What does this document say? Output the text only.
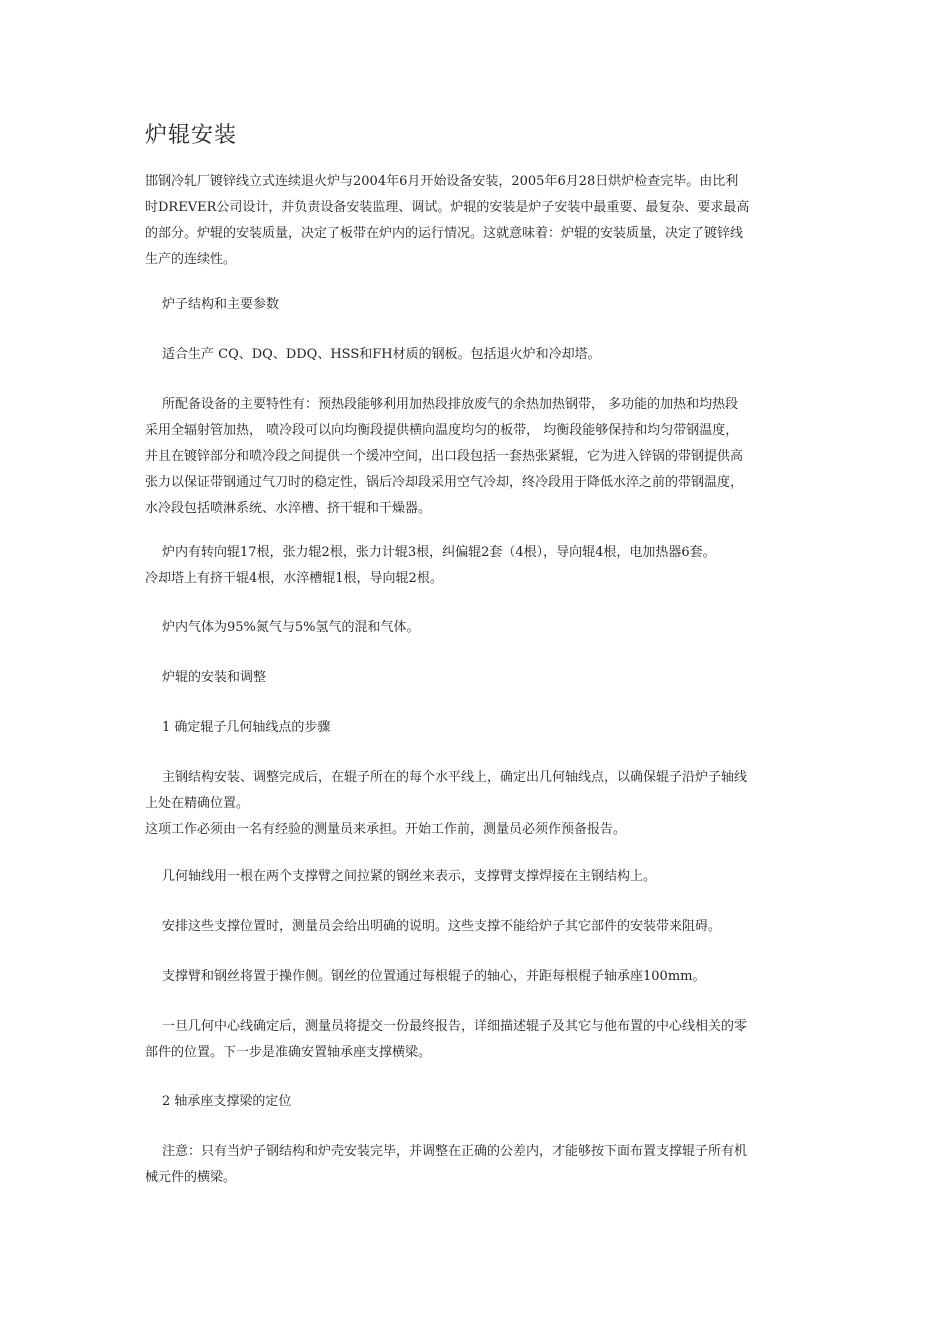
炉辊安装
邯钢冷轧厂镀锌线立式连续退火炉与2004年6月开始设备安装，2005年6月28日烘炉检查完毕。由比利
时DREVER公司设计，并负责设备安装监理、调试。炉辊的安装是炉子安装中最重要、最复杂、要求最高
的部分。炉辊的安装质量，决定了板带在炉内的运行情况。这就意味着：炉辊的安装质量，决定了镀锌线
生产的连续性。
炉子结构和主要参数
适合生产 CQ、DQ、DDQ、HSS和FH材质的钢板。包括退火炉和冷却塔。
所配备设备的主要特性有：预热段能够利用加热段排放废气的余热加热钢带， 多功能的加热和均热段
采用全辐射管加热， 喷冷段可以向均衡段提供横向温度均匀的板带， 均衡段能够保持和均匀带钢温度，
并且在镀锌部分和喷冷段之间提供一个缓冲空间，出口段包括一套热张紧辊，它为进入锌锅的带钢提供高
张力以保证带钢通过气刀时的稳定性，锅后冷却段采用空气冷却，终冷段用于降低水淬之前的带钢温度，
水冷段包括喷淋系统、水淬槽、挤干辊和干燥器。
炉内有转向辊17根，张力辊2根，张力计辊3根，纠偏辊2套（4根），导向辊4根，电加热器6套。
冷却塔上有挤干辊4根，水淬槽辊1根，导向辊2根。
炉内气体为95%氮气与5%氢气的混和气体。
炉辊的安装和调整
1 确定辊子几何轴线点的步骤
主钢结构安装、调整完成后，在辊子所在的每个水平线上，确定出几何轴线点，以确保辊子沿炉子轴线
上处在精确位置。
这项工作必须由一名有经验的测量员来承担。开始工作前，测量员必须作预备报告。
几何轴线用一根在两个支撑臂之间拉紧的钢丝来表示，支撑臂支撑焊接在主钢结构上。
安排这些支撑位置时，测量员会给出明确的说明。这些支撑不能给炉子其它部件的安装带来阻碍。
支撑臂和钢丝将置于操作侧。钢丝的位置通过每根辊子的轴心，并距每根棍子轴承座100mm。
一旦几何中心线确定后，测量员将提交一份最终报告，详细描述辊子及其它与他布置的中心线相关的零
部件的位置。下一步是准确安置轴承座支撑横梁。
2 轴承座支撑梁的定位
注意：只有当炉子钢结构和炉壳安装完毕，并调整在正确的公差内，才能够按下面布置支撑辊子所有机
械元件的横梁。
